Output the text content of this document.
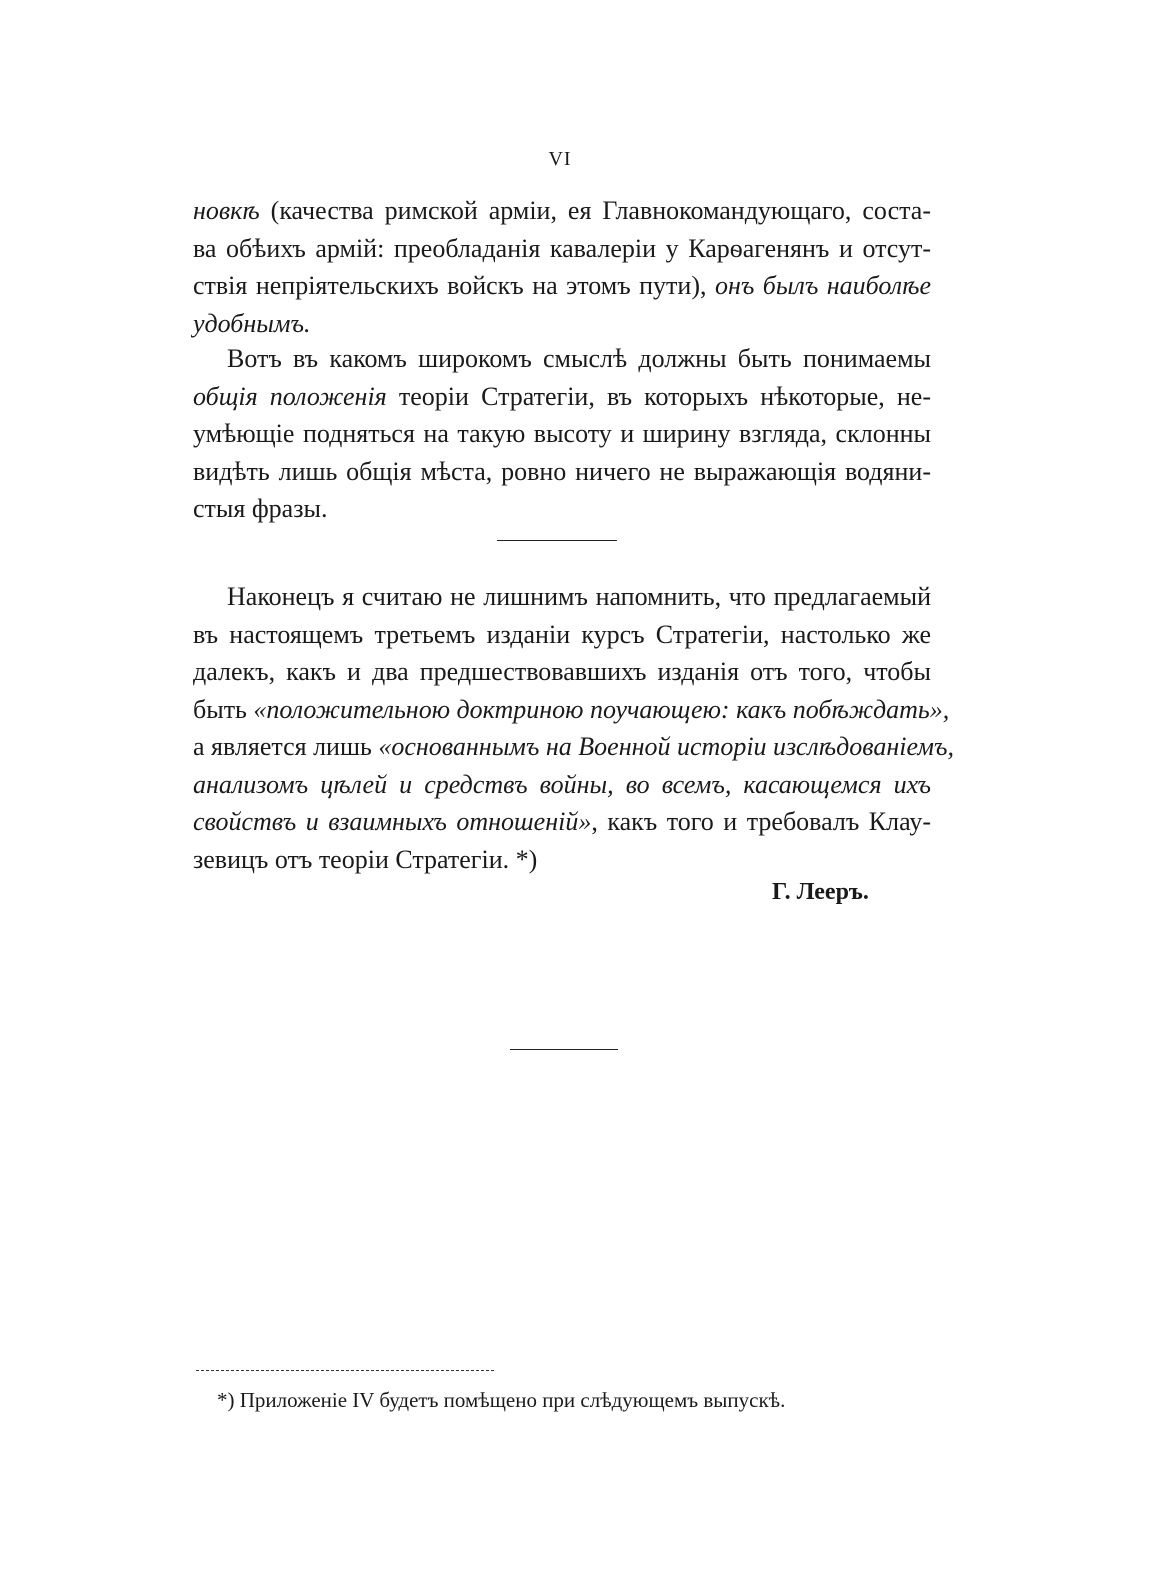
VI
новкѣ (качества римской арміи, ея Главнокомандующаго, соста-
ва обѣихъ армій: преобладанія кавалеріи у Карѳагенянъ и отсут-
ствія непріятельскихъ войскъ на этомъ пути), онъ былъ наиболѣе
удобнымъ.
Вотъ въ какомъ широкомъ смыслѣ должны быть понимаемы
общія положенія теоріи Стратегіи, въ которыхъ нѣкоторые, не-
умѣющіе подняться на такую высоту и ширину взгляда, склонны
видѣть лишь общія мѣста, ровно ничего не выражающія водяни-
стыя фразы.
Наконецъ я считаю не лишнимъ напомнить, что предлагаемый
въ настоящемъ третьемъ изданіи курсъ Стратегіи, настолько же
далекъ, какъ и два предшествовавшихъ изданія отъ того, чтобы
быть «положительною доктриною поучающею: какъ побѣждать»,
а является лишь «основаннымъ на Военной исторіи изслѣдованіемъ,
анализомъ цѣлей и средствъ войны, во всемъ, касающемся ихъ
свойствъ и взаимныхъ отношеній», какъ того и требовалъ Клау-
зевицъ отъ теоріи Стратегіи. *)
Г. Леeръ.
*) Приложеніе IV будетъ помѣщено при слѣдующемъ выпускѣ.
